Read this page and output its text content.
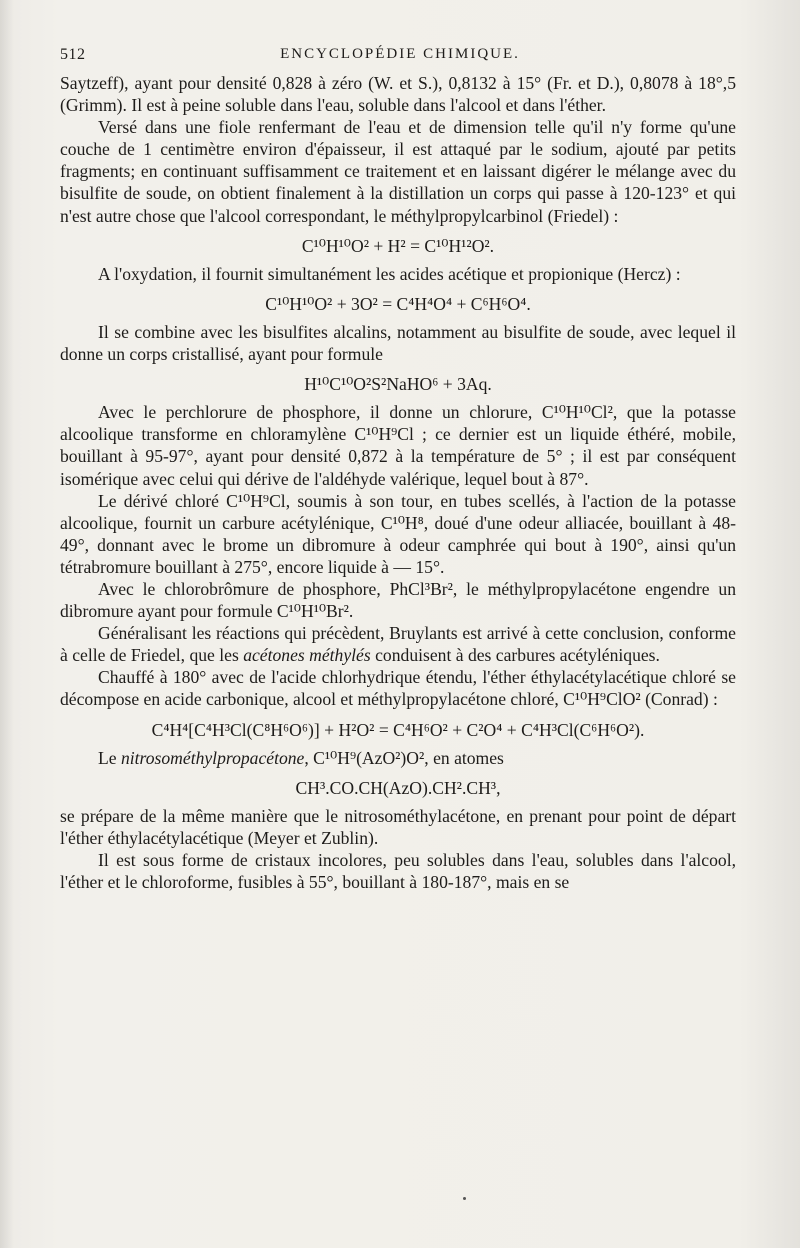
512	ENCYCLOPÉDIE CHIMIQUE.

Saytzeff), ayant pour densité 0,828 à zéro (W. et S.), 0,8132 à 15° (Fr. et D.), 0,8078 à 18°,5 (Grimm). Il est à peine soluble dans l'eau, soluble dans l'alcool et dans l'éther.

Versé dans une fiole renfermant de l'eau et de dimension telle qu'il n'y forme qu'une couche de 1 centimètre environ d'épaisseur, il est attaqué par le sodium, ajouté par petits fragments; en continuant suffisamment ce traitement et en laissant digérer le mélange avec du bisulfite de soude, on obtient finalement à la distillation un corps qui passe à 120-123° et qui n'est autre chose que l'alcool correspondant, le méthylpropylcarbinol (Friedel) :

C¹⁰H¹⁰O² + H² = C¹⁰H¹²O².

A l'oxydation, il fournit simultanément les acides acétique et propionique (Hercz) :

C¹⁰H¹⁰O² + 3O² = C⁴H⁴O⁴ + C⁶H⁶O⁴.

Il se combine avec les bisulfites alcalins, notamment au bisulfite de soude, avec lequel il donne un corps cristallisé, ayant pour formule

H¹⁰C¹⁰O²S²NaHO⁶ + 3Aq.

Avec le perchlorure de phosphore, il donne un chlorure, C¹⁰H¹⁰Cl², que la potasse alcoolique transforme en chloramylène C¹⁰H⁹Cl ; ce dernier est un liquide éthéré, mobile, bouillant à 95-97°, ayant pour densité 0,872 à la température de 5° ; il est par conséquent isomérique avec celui qui dérive de l'aldéhyde valérique, lequel bout à 87°.

Le dérivé chloré C¹⁰H⁹Cl, soumis à son tour, en tubes scellés, à l'action de la potasse alcoolique, fournit un carbure acétylénique, C¹⁰H⁸, doué d'une odeur alliacée, bouillant à 48-49°, donnant avec le brome un dibromure à odeur camphrée qui bout à 190°, ainsi qu'un tétrabromure bouillant à 275°, encore liquide à — 15°.

Avec le chlorobrômure de phosphore, PhCl³Br², le méthylpropylacétone engendre un dibromure ayant pour formule C¹⁰H¹⁰Br².

Généralisant les réactions qui précèdent, Bruylants est arrivé à cette conclusion, conforme à celle de Friedel, que les acétones méthylés conduisent à des carbures acétyléniques.

Chauffé à 180° avec de l'acide chlorhydrique étendu, l'éther éthylacétylacétique chloré se décompose en acide carbonique, alcool et méthylpropylacétone chloré, C¹⁰H⁹ClO² (Conrad) :

C⁴H⁴[C⁴H³Cl(C⁸H⁶O⁶)] + H²O² = C⁴H⁶O² + C²O⁴ + C⁴H³Cl(C⁶H⁶O²).

Le nitrosométhylpropacétone, C¹⁰H⁹(AzO²)O², en atomes

CH³.CO.CH(AzO).CH².CH³,

se prépare de la même manière que le nitrosométhylacétone, en prenant pour point de départ l'éther éthylacétylacétique (Meyer et Zublin).

Il est sous forme de cristaux incolores, peu solubles dans l'eau, solubles dans l'alcool, l'éther et le chloroforme, fusibles à 55°, bouillant à 180-187°, mais en se
